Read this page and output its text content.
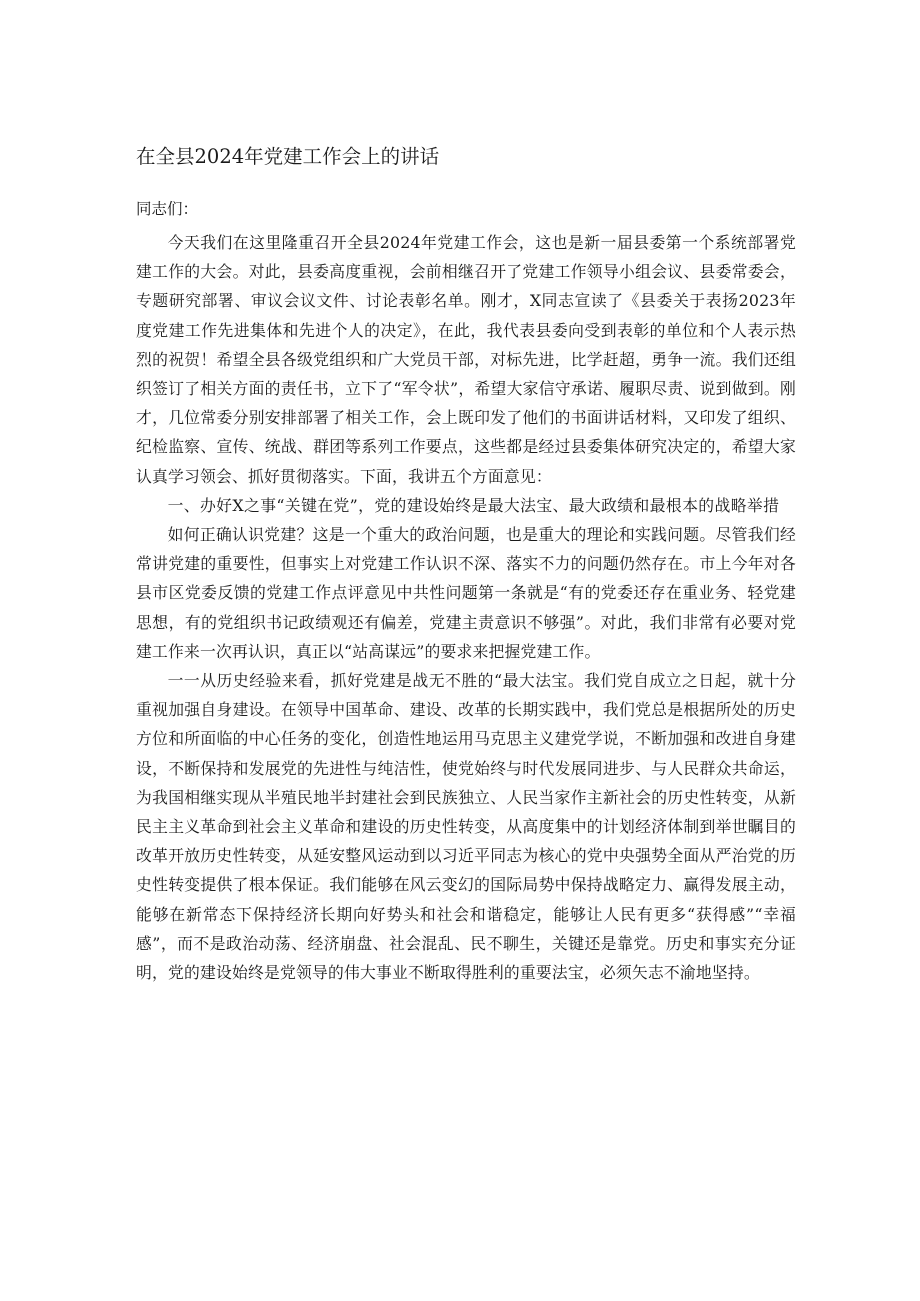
在全县2024年党建工作会上的讲话

同志们：

今天我们在这里隆重召开全县2024年党建工作会，这也是新一届县委第一个系统部署党建工作的大会。对此，县委高度重视，会前相继召开了党建工作领导小组会议、县委常委会，专题研究部署、审议会议文件、讨论表彰名单。刚才，X同志宣读了《县委关于表扬2023年度党建工作先进集体和先进个人的决定》，在此，我代表县委向受到表彰的单位和个人表示热烈的祝贺！希望全县各级党组织和广大党员干部，对标先进，比学赶超，勇争一流。我们还组织签订了相关方面的责任书，立下了“军令状”，希望大家信守承诺、履职尽责、说到做到。刚才，几位常委分别安排部署了相关工作，会上既印发了他们的书面讲话材料，又印发了组织、纪检监察、宣传、统战、群团等系列工作要点，这些都是经过县委集体研究决定的，希望大家认真学习领会、抓好贯彻落实。下面，我讲五个方面意见：

一、办好X之事“关键在党”，党的建设始终是最大法宝、最大政绩和最根本的战略举措

如何正确认识党建？这是一个重大的政治问题，也是重大的理论和实践问题。尽管我们经常讲党建的重要性，但事实上对党建工作认识不深、落实不力的问题仍然存在。市上今年对各县市区党委反馈的党建工作点评意见中共性问题第一条就是“有的党委还存在重业务、轻党建思想，有的党组织书记政绩观还有偏差，党建主责意识不够强”。对此，我们非常有必要对党建工作来一次再认识，真正以“站高谋远”的要求来把握党建工作。

一一从历史经验来看，抓好党建是战无不胜的“最大法宝。我们党自成立之日起，就十分重视加强自身建设。在领导中国革命、建设、改革的长期实践中，我们党总是根据所处的历史方位和所面临的中心任务的变化，创造性地运用马克思主义建党学说，不断加强和改进自身建设，不断保持和发展党的先进性与纯洁性，使党始终与时代发展同进步、与人民群众共命运，为我国相继实现从半殖民地半封建社会到民族独立、人民当家作主新社会的历史性转变，从新民主主义革命到社会主义革命和建设的历史性转变，从高度集中的计划经济体制到举世瞩目的改革开放历史性转变，从延安整风运动到以习近平同志为核心的党中央强势全面从严治党的历史性转变提供了根本保证。我们能够在风云变幻的国际局势中保持战略定力、赢得发展主动，能够在新常态下保持经济长期向好势头和社会和谐稳定，能够让人民有更多“获得感”“幸福感”，而不是政治动荡、经济崩盘、社会混乱、民不聊生，关键还是靠党。历史和事实充分证明，党的建设始终是党领导的伟大事业不断取得胜利的重要法宝，必须矢志不渝地坚持。
